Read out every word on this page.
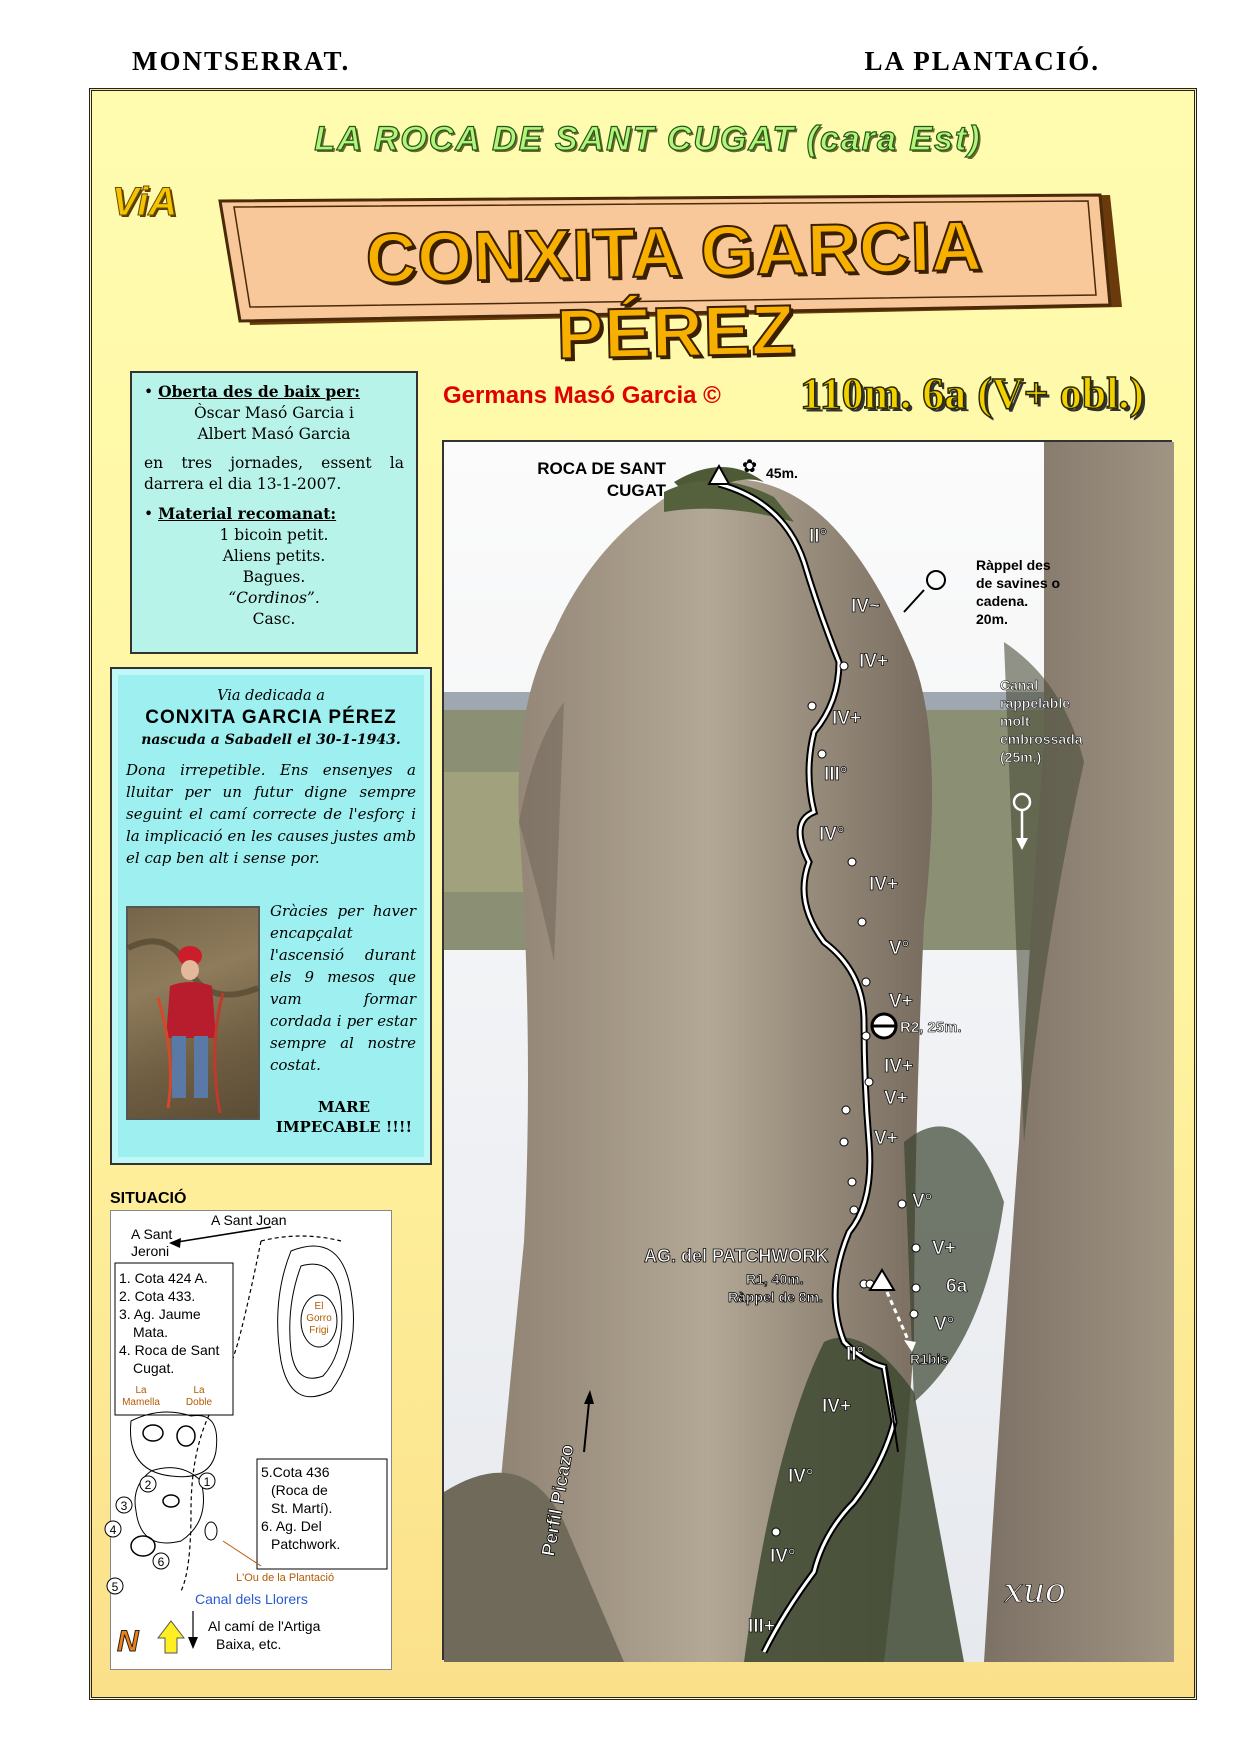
MONTSERRAT.	LA PLANTACIÓ.
LA ROCA DE SANT CUGAT (cara Est)
ViA
CONXITA GARCIA PÉREZ
Germans Masó Garcia © 110m. 6a (V+ obl.)
• Oberta des de baix per:
Òscar Masó Garcia i
Albert Masó Garcia
en tres jornades, essent la darrera el dia 13-1-2007.
• Material recomanat:
1 bicoin petit.
Aliens petits.
Bagues.
“Cordinos”.
Casc.
Via dedicada a
CONXITA GARCIA PÉREZ
nascuda a Sabadell el 30-1-1943.
Dona irrepetible. Ens ensenyes a lluitar per un futur digne sempre seguint el camí correcte de l'esforç i la implicació en les causes justes amb el cap ben alt i sense por.
Gràcies per haver encapçalat l'ascensió durant els 9 mesos que vam formar cordada i per estar sempre al nostre costat.
MARE
IMPECABLE !!!!
SITUACIÓ
A Sant
Jeroni
A Sant Joan
El
Gorro
Frigi
1. Cota 424 A.
2. Cota 433.
3. Ag. Jaume
Mata.
4. Roca de Sant
Cugat.
La
Mamella
La
Doble
1
2
3
4
5
6
5.Cota 436
(Roca de
St. Martí).
6. Ag. Del
Patchwork.
L'Ou de la Plantació
Canal dels Llorers
Al camí de l'Artiga
Baixa, etc.
N
ROCA DE SANT
CUGAT
45m.
✿
Ràppel des
de savines o
cadena.
20m.
Canal
rappelable
molt
embrossada
(25m.)
II°
IV~
IV+
IV+
III°
IV°
IV+
V°
V+
IV+
V+
V+
V°
II°
IV+
IV°
IV°
III+
V+
6a
V°
R2, 25m.
AG. del PATCHWORK
R1, 40m.
Ràppel de 8m.
R1bis
Perfil Picazo
xuo
